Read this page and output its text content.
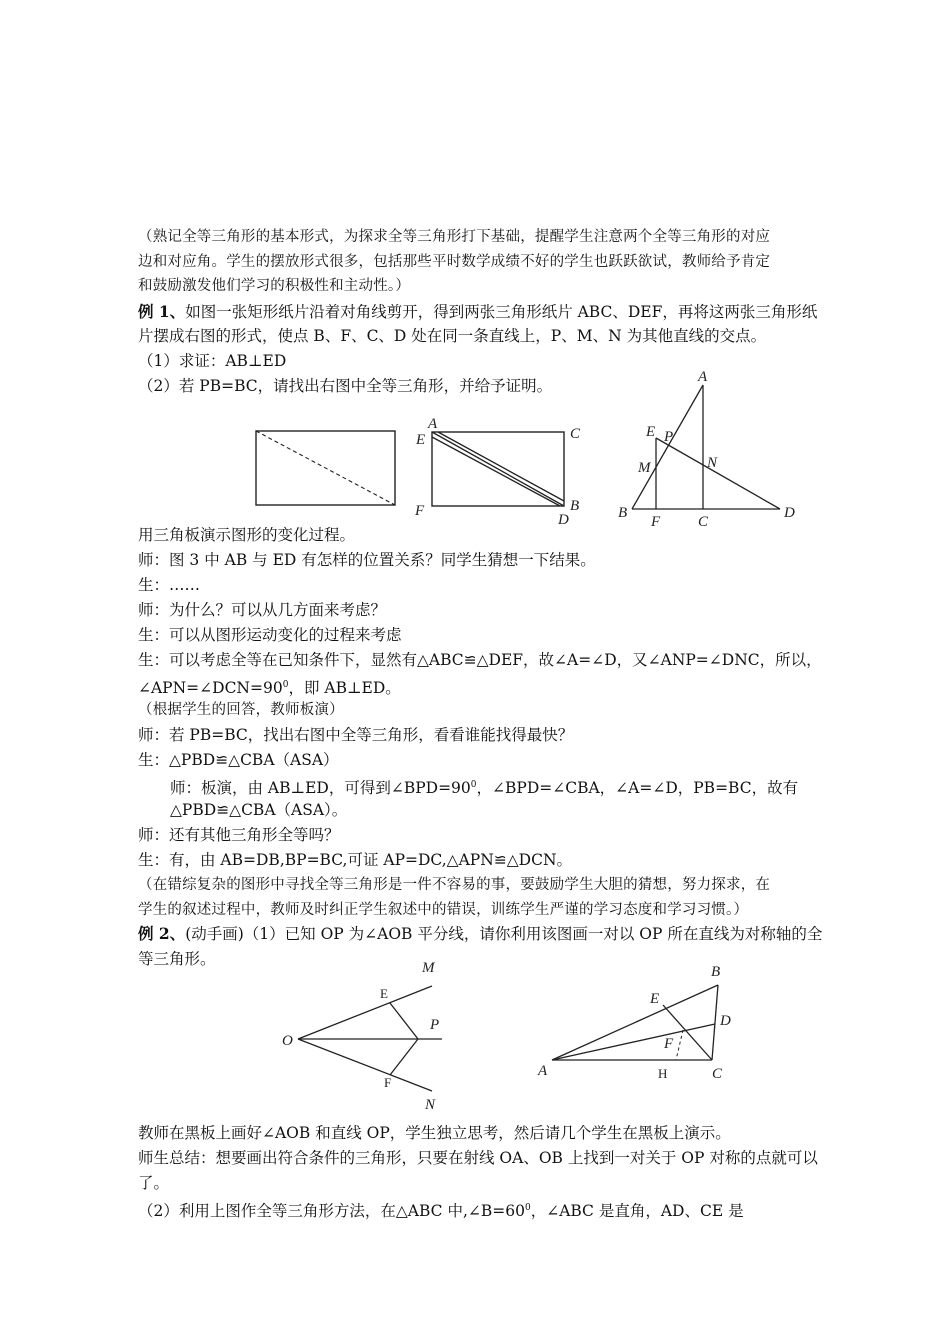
（熟记全等三角形的基本形式，为探求全等三角形打下基础，提醒学生注意两个全等三角形的对应
边和对应角。学生的摆放形式很多，包括那些平时数学成绩不好的学生也跃跃欲试，教师给予肯定
和鼓励激发他们学习的积极性和主动性。）
例 1、如图一张矩形纸片沿着对角线剪开，得到两张三角形纸片 ABC、DEF，再将这两张三角形纸
片摆成右图的形式，使点 B、F、C、D 处在同一条直线上，P、M、N 为其他直线的交点。
（1）求证：AB⊥ED
（2）若 PB=BC，请找出右图中全等三角形，并给予证明。
A
E	C
F	B
D
A
E P
M	N
B
F	C
D
M
E
O
P
F
N
B
E
D
F
A	H	C
用三角板演示图形的变化过程。
师：图 3 中 AB 与 ED 有怎样的位置关系？同学生猜想一下结果。
生：……
师：为什么？可以从几方面来考虑？
生：可以从图形运动变化的过程来考虑
生：可以考虑全等在已知条件下，显然有△ABC≌△DEF，故∠A=∠D，又∠ANP=∠DNC，所以，
$\angle APN=\angle DCN=90^0$，即 AB⊥ED。
（根据学生的回答，教师板演）
师：若 PB=BC，找出右图中全等三角形，看看谁能找得最快？
生：△PBD≌△CBA（ASA）
师：板演，由 AB⊥ED，可得到$\angle BPD=90^0$，∠BPD=∠CBA，∠A=∠D，PB=BC，故有
△PBD≌△CBA（ASA）。
师：还有其他三角形全等吗？
生：有，由 AB=DB,BP=BC,可证 AP=DC,△APN≌△DCN。
（在错综复杂的图形中寻找全等三角形是一件不容易的事，要鼓励学生大胆的猜想，努力探求，在
学生的叙述过程中，教师及时纠正学生叙述中的错误，训练学生严谨的学习态度和学习习惯。）
例 2、(动手画)（1）已知 OP 为∠AOB 平分线，请你利用该图画一对以 OP 所在直线为对称轴的全
等三角形。
教师在黑板上画好∠AOB 和直线 OP，学生独立思考，然后请几个学生在黑板上演示。
师生总结：想要画出符合条件的三角形，只要在射线 OA、OB 上找到一对关于 OP 对称的点就可以
了。
（2）利用上图作全等三角形方法，在△ABC 中$,\angle B=60^0$，∠ABC 是直角，AD、CE 是
